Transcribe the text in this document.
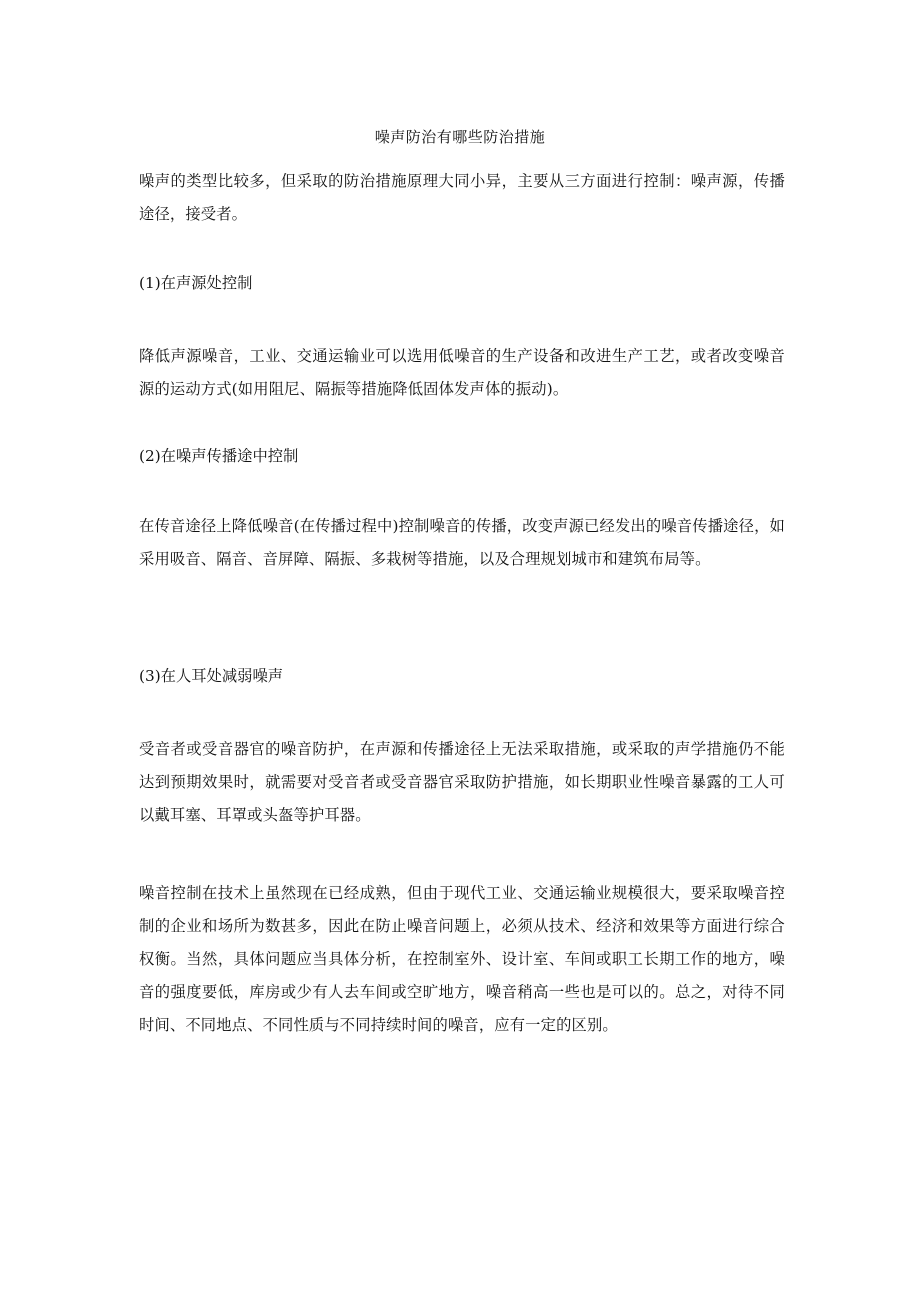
噪声防治有哪些防治措施

噪声的类型比较多，但采取的防治措施原理大同小异，主要从三方面进行控制：噪声源，传播途径，接受者。

(1)在声源处控制

降低声源噪音，工业、交通运输业可以选用低噪音的生产设备和改进生产工艺，或者改变噪音源的运动方式(如用阻尼、隔振等措施降低固体发声体的振动)。

(2)在噪声传播途中控制

在传音途径上降低噪音(在传播过程中)控制噪音的传播，改变声源已经发出的噪音传播途径，如采用吸音、隔音、音屏障、隔振、多栽树等措施，以及合理规划城市和建筑布局等。

(3)在人耳处减弱噪声

受音者或受音器官的噪音防护，在声源和传播途径上无法采取措施，或采取的声学措施仍不能达到预期效果时，就需要对受音者或受音器官采取防护措施，如长期职业性噪音暴露的工人可以戴耳塞、耳罩或头盔等护耳器。

噪音控制在技术上虽然现在已经成熟，但由于现代工业、交通运输业规模很大，要采取噪音控制的企业和场所为数甚多，因此在防止噪音问题上，必须从技术、经济和效果等方面进行综合权衡。当然，具体问题应当具体分析，在控制室外、设计室、车间或职工长期工作的地方，噪音的强度要低，库房或少有人去车间或空旷地方，噪音稍高一些也是可以的。总之，对待不同时间、不同地点、不同性质与不同持续时间的噪音，应有一定的区别。
